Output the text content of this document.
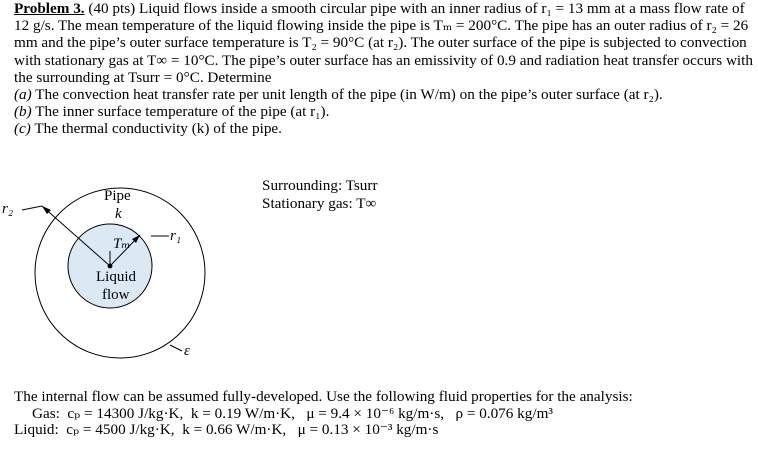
Problem 3. (40 pts) Liquid flows inside a smooth circular pipe with an inner radius of r₁ = 13 mm at a mass flow rate of 12 g/s. The mean temperature of the liquid flowing inside the pipe is Tₘ = 200°C. The pipe has an outer radius of r₂ = 26 mm and the pipe’s outer surface temperature is T₂ = 90°C (at r₂). The outer surface of the pipe is subjected to convection with stationary gas at T∞ = 10°C. The pipe’s outer surface has an emissivity of 0.9 and radiation heat transfer occurs with the surrounding at Tsurr = 0°C. Determine

(a) The convection heat transfer rate per unit length of the pipe (in W/m) on the pipe’s outer surface (at r₂).

(b) The inner surface temperature of the pipe (at r₁).

(c) The thermal conductivity (k) of the pipe.

Pipe
k
r₂
r₁
Tₘ
Liquid
flow
ε
Surrounding: Tsurr
Stationary gas: T∞

The internal flow can be assumed fully-developed. Use the following fluid properties for the analysis:

Gas:  cₚ = 14300 J/kg·K,  k = 0.19 W/m·K,   μ = 9.4 × 10⁻⁶ kg/m·s,   ρ = 0.076 kg/m³

Liquid:  cₚ = 4500 J/kg·K,  k = 0.66 W/m·K,   μ = 0.13 × 10⁻³ kg/m·s
